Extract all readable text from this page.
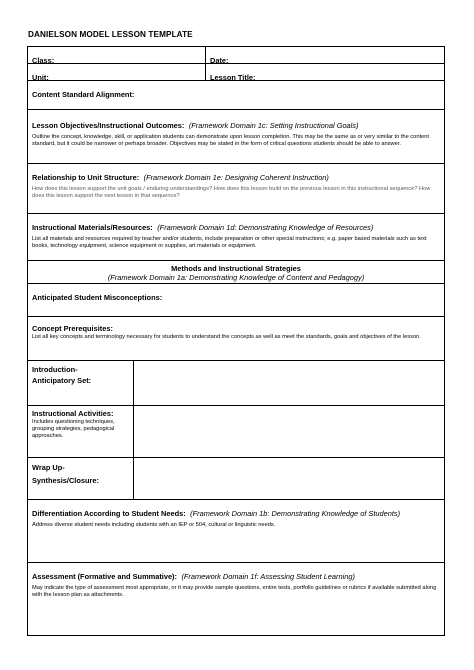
DANIELSON MODEL LESSON TEMPLATE
Class:	Date:
Unit:	Lesson Title:
Content Standard Alignment:
Lesson Objectives/Instructional Outcomes: (Framework Domain 1c: Setting Instructional Goals)
Outline the concept, knowledge, skill, or application students can demonstrate upon lesson completion. This may be the same as or very similar to the content standard, but it could be narrower or perhaps broader. Objectives may be stated in the form of critical questions students should be able to answer.
Relationship to Unit Structure: (Framework Domain 1e: Designing Coherent Instruction)
How does this lesson support the unit goals / enduring understandings? How does this lesson build on the previous lesson in this instructional sequence? How does this lesson support the next lesson in that sequence?
Instructional Materials/Resources: (Framework Domain 1d: Demonstrating Knowledge of Resources)
List all materials and resources required by teacher and/or students, include preparation or other special instructions; e.g. paper based materials such as text books, technology equipment, science equipment or supplies, art materials or equipment.
Methods and Instructional Strategies
(Framework Domain 1a: Demonstrating Knowledge of Content and Pedagogy)
Anticipated Student Misconceptions:
Concept Prerequisites:
List all key concepts and terminology necessary for students to understand the concepts as well as meet the standards, goals and objectives of the lesson.
Introduction-
Anticipatory Set:
Instructional Activities:
Includes questioning techniques, grouping strategies, pedagogical approaches.
Wrap Up-
Synthesis/Closure:
Differentiation According to Student Needs: (Framework Domain 1b: Demonstrating Knowledge of Students)
Address diverse student needs including students with an IEP or 504, cultural or linguistic needs.
Assessment (Formative and Summative): (Framework Domain 1f: Assessing Student Learning)
May indicate the type of assessment most appropriate, or it may provide sample questions, entire tests, portfolio guidelines or rubrics if available submitted along with the lesson plan as attachments.
